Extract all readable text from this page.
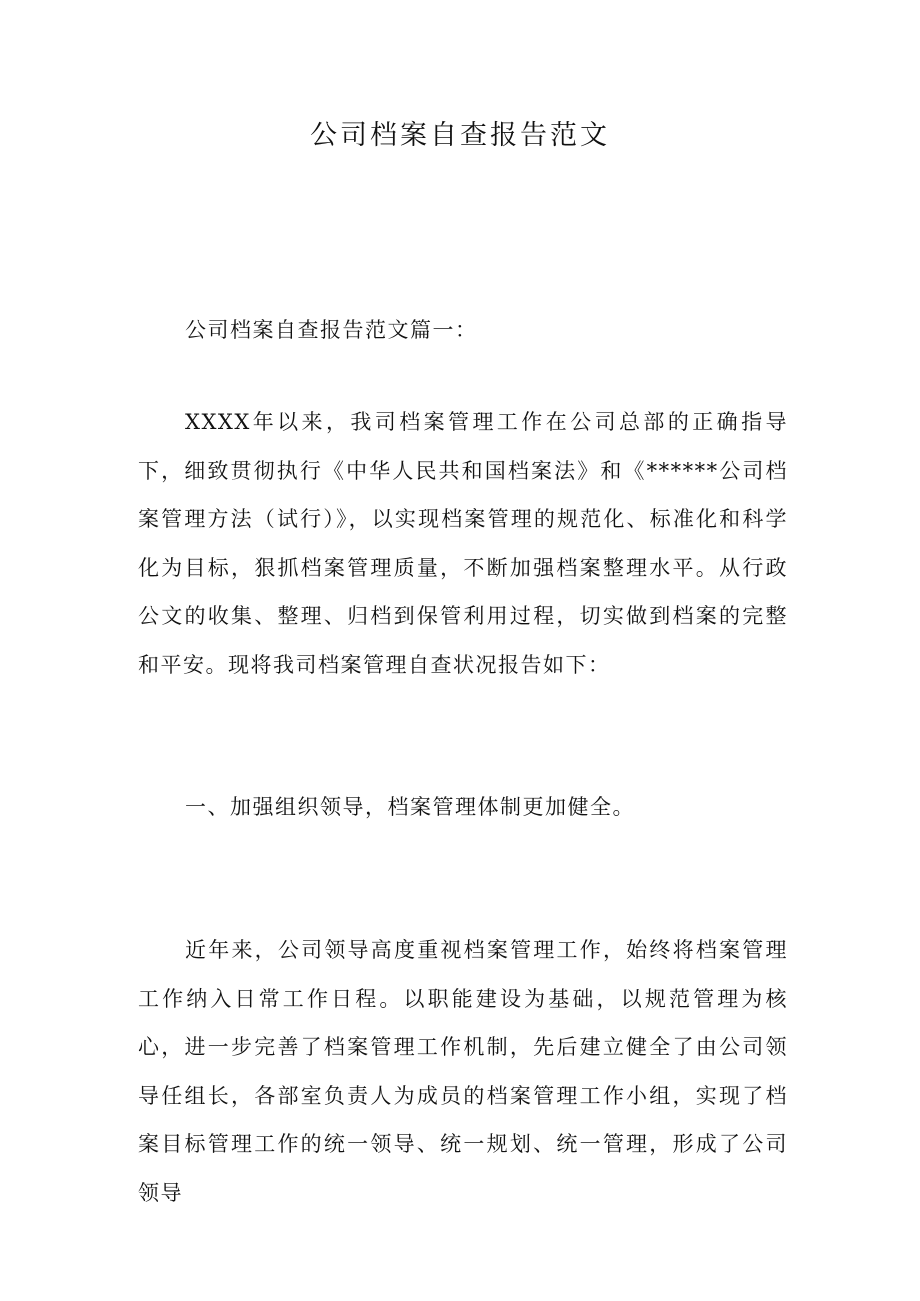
公司档案自查报告范文

公司档案自查报告范文篇一：

XXXX年以来，我司档案管理工作在公司总部的正确指导下，细致贯彻执行《中华人民共和国档案法》和《******公司档案管理方法（试行）》，以实现档案管理的规范化、标准化和科学化为目标，狠抓档案管理质量，不断加强档案整理水平。从行政公文的收集、整理、归档到保管利用过程，切实做到档案的完整和平安。现将我司档案管理自查状况报告如下：

一、加强组织领导，档案管理体制更加健全。

近年来，公司领导高度重视档案管理工作，始终将档案管理工作纳入日常工作日程。以职能建设为基础，以规范管理为核心，进一步完善了档案管理工作机制，先后建立健全了由公司领导任组长，各部室负责人为成员的档案管理工作小组，实现了档案目标管理工作的统一领导、统一规划、统一管理，形成了公司领导
